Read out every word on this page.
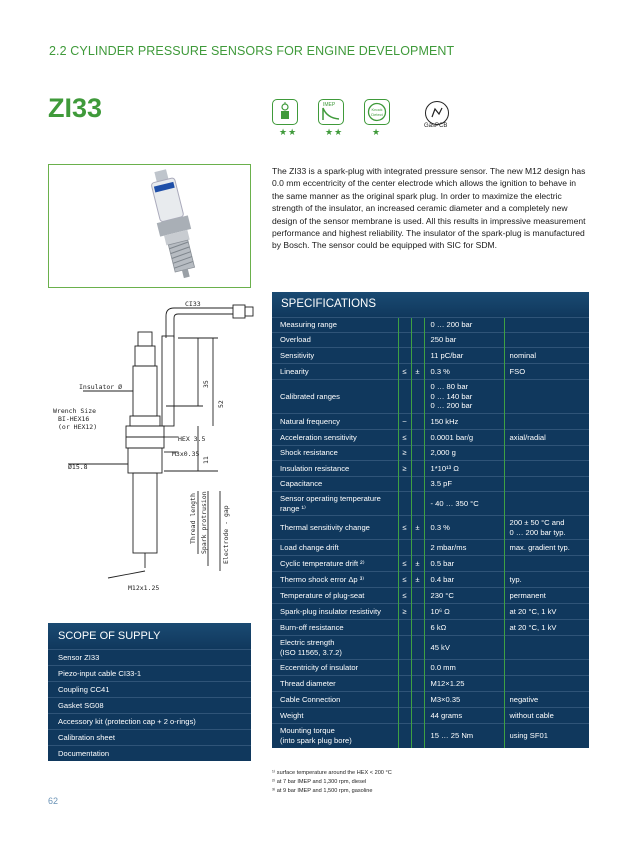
2.2 CYLINDER PRESSURE SENSORS FOR ENGINE DEVELOPMENT
ZI33
★★
IMEP
★★
Knock Detect
★
GasPCB
The ZI33 is a spark-plug with integrated pressure sensor. The new M12 design has 0.0 mm eccentricity of the center electrode which allows the ignition to behave in the same manner as the original spark plug. In order to maximize the electric strength of the insulator, an increased ceramic diameter and a completely new design of the sensor membrane is used. All this results in impressive measurement performance and highest reliability. The insulator of the spark-plug is manufactured by Bosch. The sensor could be equipped with SIC for SDM.
CI33
Insulator Ø
Wrench Size
BI-HEX16
(or HEX12)
HEX 3.5
M3x0.35
Ø15.8
M12x1.25
35
52
11
Thread length Spark protrusion Electrode - gap
SPECIFICATIONS
Measuring range			0 … 200 bar	
Overload			250 bar	
Sensitivity			11 pC/bar	nominal
Linearity	≤	±	0.3 %	FSO
Calibrated ranges			0 … 80 bar
0 … 140 bar
0 … 200 bar	
Natural frequency	~		150 kHz	
Acceleration sensitivity	≤		0.0001 bar/g	axial/radial
Shock resistance	≥		2,000 g	
Insulation resistance	≥		1*10¹³ Ω	
Capacitance			3.5 pF	
Sensor operating temperature range ¹⁾			- 40 … 350 °C	
Thermal sensitivity change	≤	±	0.3 %	200 ± 50 °C and
0 … 200 bar typ.
Load change drift			2 mbar/ms	max. gradient typ.
Cyclic temperature drift ²⁾	≤	±	0.5 bar	
Thermo shock error Δp ³⁾	≤	±	0.4 bar	typ.
Temperature of plug-seat	≤		230 °C	permanent
Spark-plug insulator resistivity	≥		10⁶ Ω	at 20 °C, 1 kV
Burn-off resistance			6 kΩ	at 20 °C, 1 kV
Electric strength
(ISO 11565, 3.7.2)			45 kV	
Eccentricity of insulator			0.0 mm	
Thread diameter			M12×1.25	
Cable Connection			M3×0.35	negative
Weight			44 grams	without cable
Mounting torque
(into spark plug bore)			15 … 25 Nm	using SF01
¹⁾ surface temperature around the HEX < 200 °C
²⁾ at 7 bar IMEP and 1,300 rpm, diesel
³⁾ at 9 bar IMEP and 1,500 rpm, gasoline
SCOPE OF SUPPLY
Sensor ZI33
Piezo-input cable CI33-1
Coupling CC41
Gasket SG08
Accessory kit (protection cap + 2 o-rings)
Calibration sheet
Documentation
62
